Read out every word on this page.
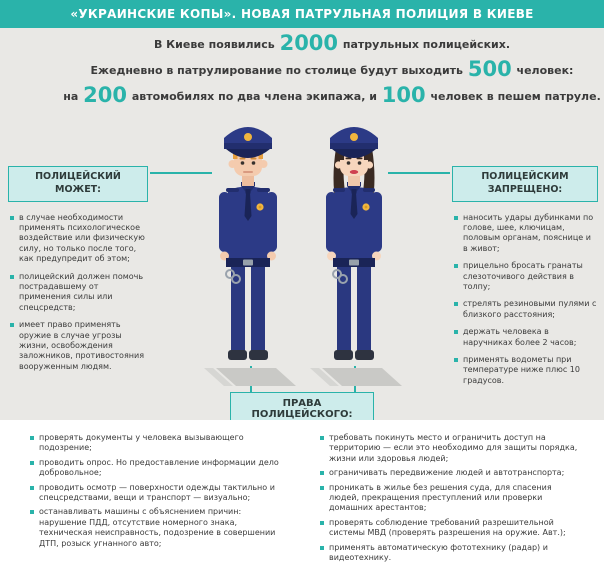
«УКРАИНСКИЕ КОПЫ». НОВАЯ ПАТРУЛЬНАЯ ПОЛИЦИЯ В КИЕВЕ

В Киеве появились 2000 патрульных полицейских.

Ежедневно в патрулирование по столице будут выходить 500 человек:

на 200 автомобилях по два члена экипажа, и 100 человек в пешем патруле.

ПОЛИЦЕЙСКИЙ МОЖЕТ:
в случае необходимости применять психологическое воздействие или физическую силу, но только после того, как предупредит об этом;
полицейский должен помочь пострадавшему от применения силы или спецсредств;
имеет право применять оружие в случае угрозы жизни, освобождения заложников, противостояния вооруженным людям.
ПОЛИЦЕЙСКИМ ЗАПРЕЩЕНО:
наносить удары дубинками по голове, шее, ключицам, половым органам, пояснице и в живот;
прицельно бросать гранаты слезоточивого действия в толпу;
стрелять резиновыми пулями с близкого расстояния;
держать человека в наручниках более 2 часов;
применять водометы при температуре ниже плюс 10 градусов.
ПРАВА ПОЛИЦЕЙСКОГО:
проверять документы у человека вызывающего подозрение;
проводить опрос. Но предоставление информации дело добровольное;
проводить осмотр — поверхности одежды тактильно и спецсредствами, вещи и транспорт — визуально;
останавливать машины с объяснением причин: нарушение ПДД, отсутствие номерного знака, техническая неисправность, подозрение в совершении ДТП, розыск угнанного авто;
требовать покинуть место и ограничить доступ на территорию — если это необходимо для защиты порядка, жизни или здоровья людей;
ограничивать передвижение людей и автотранспорта;
проникать в жилье без решения суда, для спасения людей, прекращения преступлений или проверки домашних арестантов;
проверять соблюдение требований разрешительной системы МВД (проверять разрешения на оружие. Авт.);
применять автоматическую фототехнику (радар) и видеотехнику.
